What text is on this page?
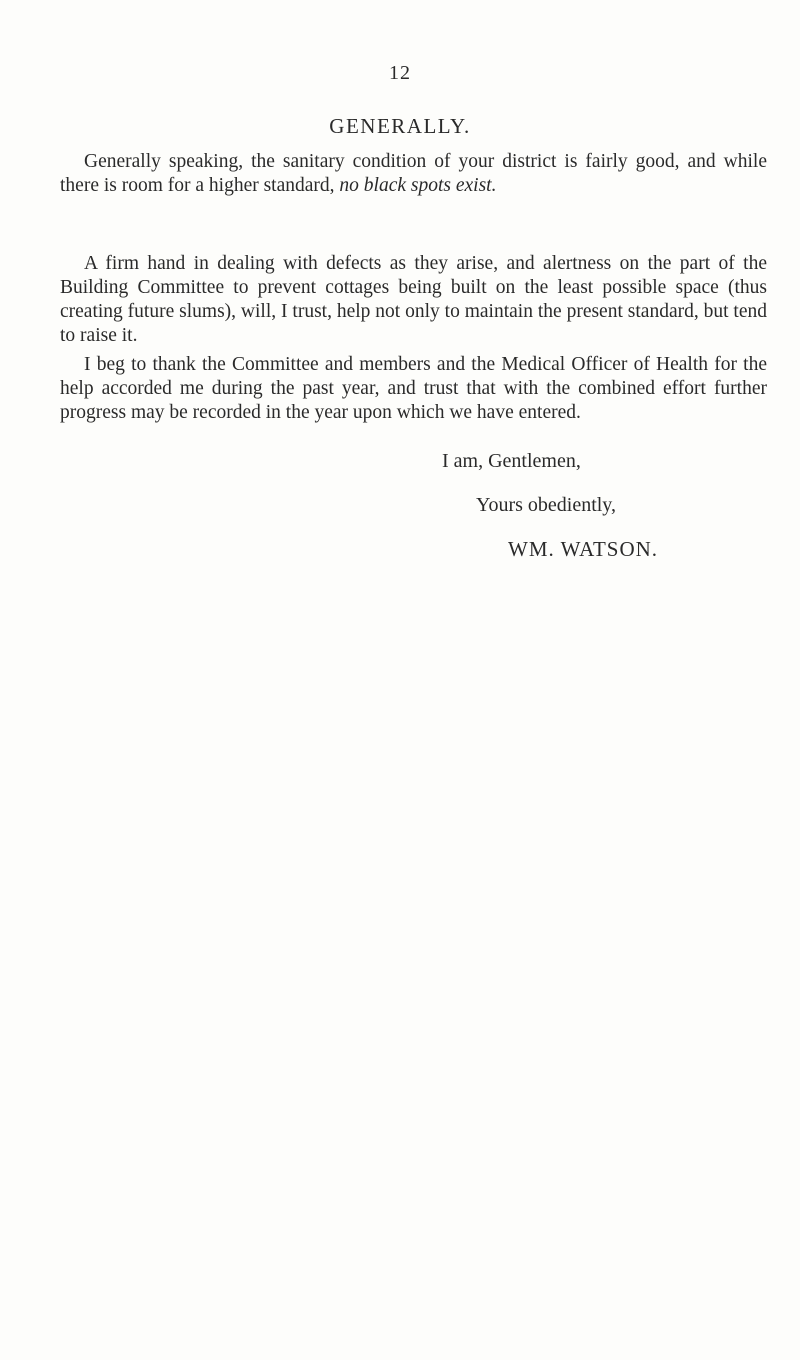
12
GENERALLY.

Generally speaking, the sanitary condition of your district is fairly good, and while there is room for a higher standard, no black spots exist.

A firm hand in dealing with defects as they arise, and alertness on the part of the Building Committee to prevent cottages being built on the least possible space (thus creating future slums), will, I trust, help not only to maintain the present standard, but tend to raise it.

I beg to thank the Committee and members and the Medical Officer of Health for the help accorded me during the past year, and trust that with the combined effort further progress may be recorded in the year upon which we have entered.

I am, Gentlemen,
Yours obediently,
WM. WATSON.
